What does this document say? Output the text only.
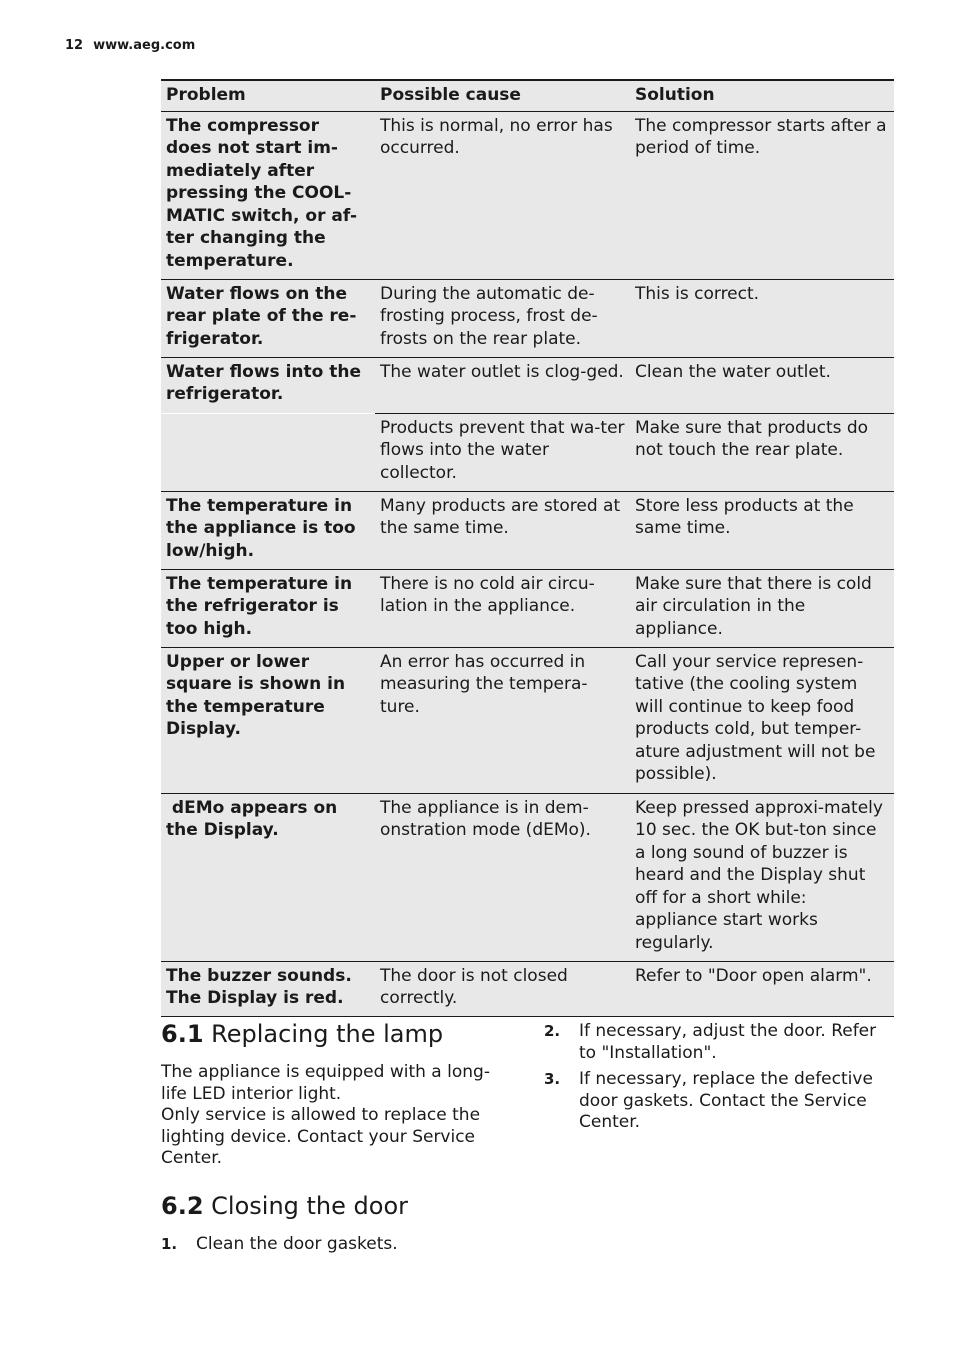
12 www.aeg.com
Problem	Possible cause	Solution
The compressor does not start im-mediately after pressing the COOL-MATIC switch, or af-ter changing the temperature.	This is normal, no error has occurred.	The compressor starts after a period of time.
Water flows on the rear plate of the re-frigerator.	During the automatic de-frosting process, frost de-frosts on the rear plate.	This is correct.
Water flows into the refrigerator.	The water outlet is clog-ged.	Clean the water outlet.
	Products prevent that wa-ter flows into the water collector.	Make sure that products do not touch the rear plate.
The temperature in the appliance is too low/high.	Many products are stored at the same time.	Store less products at the same time.
The temperature in the refrigerator is too high.	There is no cold air circu-lation in the appliance.	Make sure that there is cold air circulation in the appliance.
Upper or lower square is shown in the temperature Display.	An error has occurred in measuring the tempera-ture.	Call your service represen-tative (the cooling system will continue to keep food products cold, but temper-ature adjustment will not be possible).
dEMo appears on the Display.	The appliance is in dem-onstration mode (dEMo).	Keep pressed approxi-mately 10 sec. the OK but-ton since a long sound of buzzer is heard and the Display shut off for a short while: appliance start works regularly.
The buzzer sounds. The Display is red.	The door is not closed correctly.	Refer to "Door open alarm".
6.1 Replacing the lamp

The appliance is equipped with a long-life LED interior light.

Only service is allowed to replace the lighting device. Contact your Service Center.

6.2 Closing the door
1. Clean the door gaskets.
2. If necessary, adjust the door. Refer to "Installation".
3. If necessary, replace the defective door gaskets. Contact the Service Center.
